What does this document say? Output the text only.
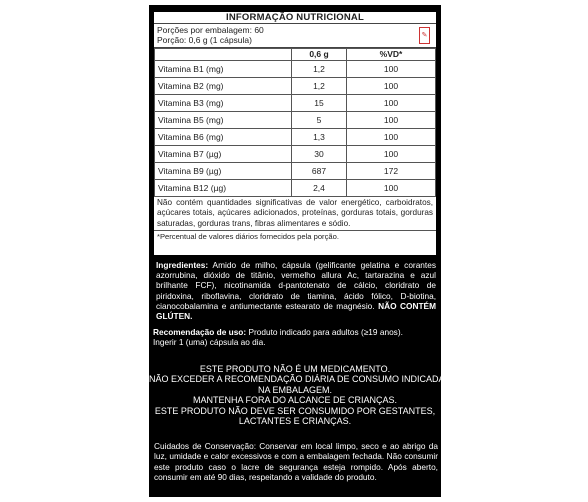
INFORMAÇÃO NUTRICIONAL
Porções por embalagem: 60
Porção: 0,6 g (1 cápsula)	✎
	0,6 g	%VD*
Vitamina B1 (mg)	1,2	100
Vitamina B2 (mg)	1,2	100
Vitamina B3 (mg)	15	100
Vitamina B5 (mg)	5	100
Vitamina B6 (mg)	1,3	100
Vitamina B7 (µg)	30	100
Vitamina B9 (µg)	687	172
Vitamina B12 (µg)	2,4	100
Não contém quantidades significativas de valor energético, carboidratos, açúcares totais, açúcares adicionados, proteínas, gorduras totais, gorduras saturadas, gorduras trans, fibras alimentares e sódio.
*Percentual de valores diários fornecidos pela porção.
Ingredientes: Amido de milho, cápsula (gelificante gelatina e corantes azorrubina, dióxido de titânio, vermelho allura Ac, tartarazina e azul brilhante FCF), nicotinamida d-pantotenato de cálcio, cloridrato de piridoxina, riboflavina, cloridrato de tiamina, ácido fólico, D-biotina, cianocobalamina e antiumectante estearato de magnésio. NÃO CONTÉM GLÚTEN.
Recomendação de uso: Produto indicado para adultos (≥19 anos).
Ingerir 1 (uma) cápsula ao dia.
ESTE PRODUTO NÃO É UM MEDICAMENTO.
NÃO EXCEDER A RECOMENDAÇÃO DIÁRIA DE CONSUMO INDICADA
NA EMBALAGEM.
MANTENHA FORA DO ALCANCE DE CRIANÇAS.
ESTE PRODUTO NÃO DEVE SER CONSUMIDO POR GESTANTES,
LACTANTES E CRIANÇAS.
Cuidados de Conservação: Conservar em local limpo, seco e ao abrigo da luz, umidade e calor excessivos e com a embalagem fechada. Não consumir este produto caso o lacre de segurança esteja rompido. Após aberto, consumir em até 90 dias, respeitando a validade do produto.
